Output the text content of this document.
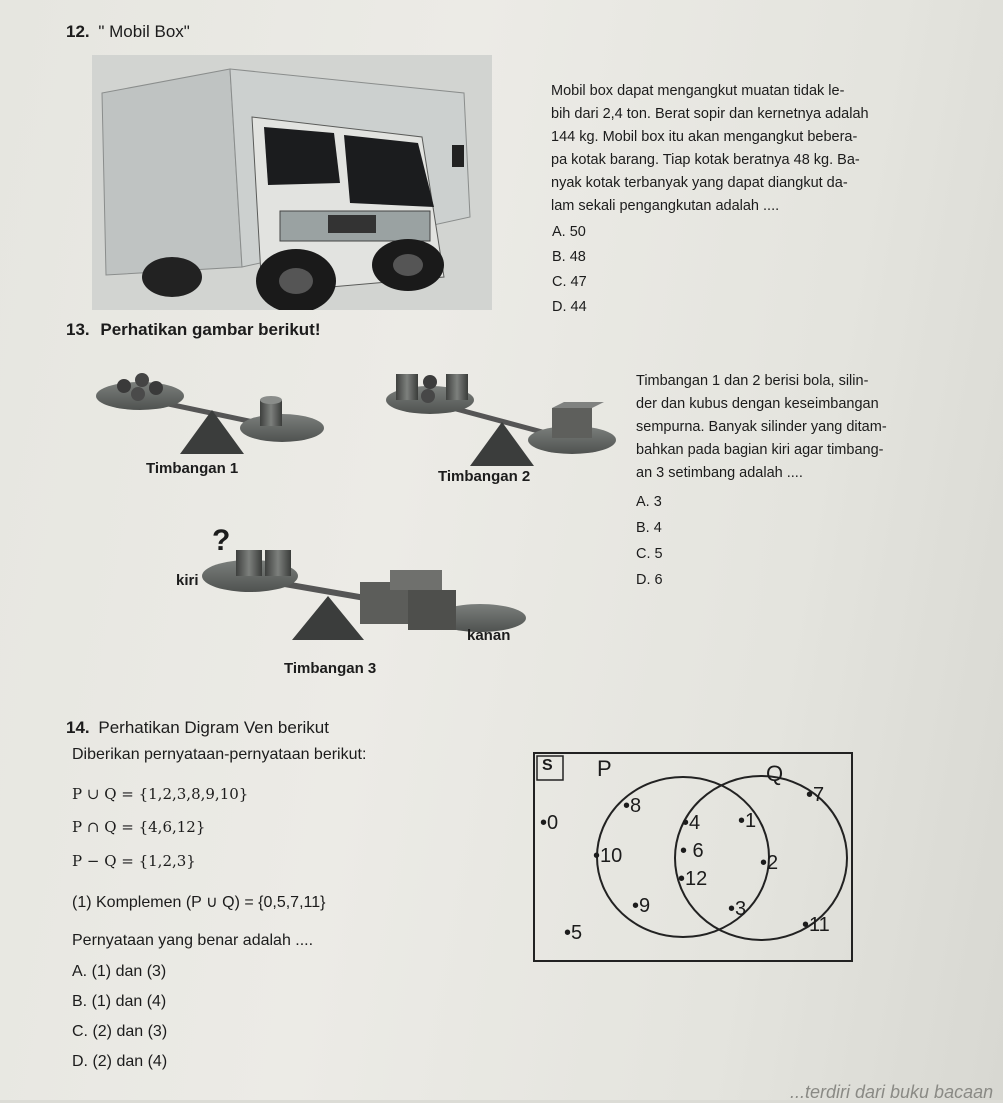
12. " Mobil Box"
Mobil box dapat mengangkut muatan tidak le-
bih dari 2,4 ton. Berat sopir dan kernetnya adalah
144 kg. Mobil box itu akan mengangkut bebera-
pa kotak barang. Tiap kotak beratnya 48 kg. Ba-
nyak kotak terbanyak yang dapat diangkut da-
lam sekali pengangkutan adalah ....
A. 50
B. 48
C. 47
D. 44
13. Perhatikan gambar berikut!
Timbangan 1	Timbangan 2
?
kiri
kanan
Timbangan 3
Timbangan 1 dan 2 berisi bola, silin-
der dan kubus dengan keseimbangan
sempurna. Banyak silinder yang ditam-
bahkan pada bagian kiri agar timbang-
an 3 setimbang adalah ....
A. 3
B. 4
C. 5
D. 6
14. Perhatikan Digram Ven berikut
Diberikan pernyataan-pernyataan berikut:
P ∪ Q = {1,2,3,8,9,10}
P ∩ Q = {4,6,12}
P − Q = {1,2,3}
(1) Komplemen (P ∪ Q) = {0,5,7,11}
Pernyataan yang benar adalah ....
A. (1) dan (3)
B. (1) dan (4)
C. (2) dan (3)
D. (2) dan (4)
S P	Q
•8
•10
•9
•4
• 6
•12
•1
•2
•3
•0
•7
•5	•11
...terdiri dari buku bacaan
